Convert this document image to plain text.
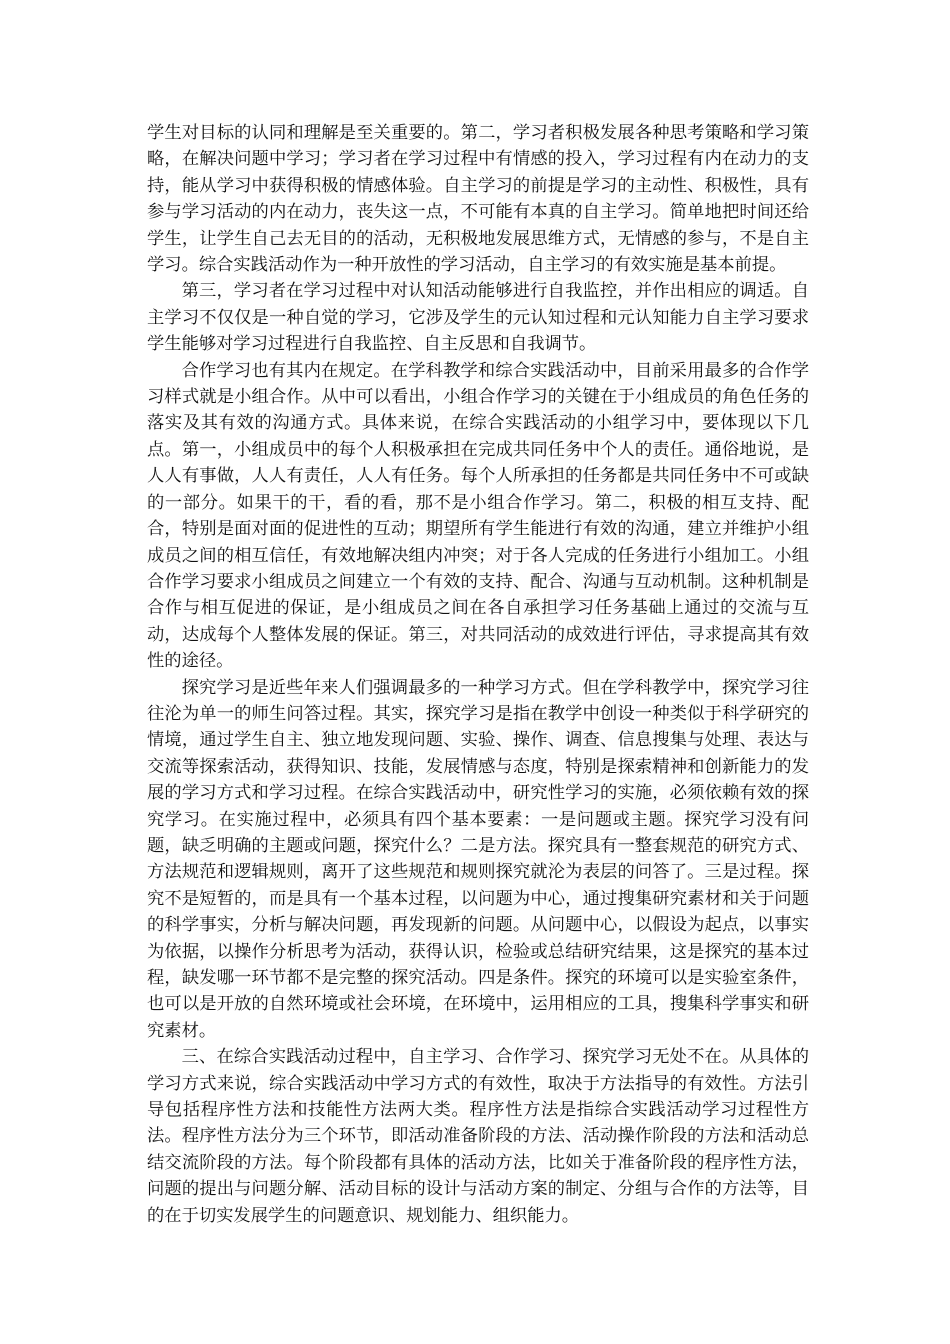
学生对目标的认同和理解是至关重要的。第二，学习者积极发展各种思考策略和学习策略，在解决问题中学习；学习者在学习过程中有情感的投入，学习过程有内在动力的支持，能从学习中获得积极的情感体验。自主学习的前提是学习的主动性、积极性，具有参与学习活动的内在动力，丧失这一点，不可能有本真的自主学习。简单地把时间还给学生，让学生自己去无目的的活动，无积极地发展思维方式，无情感的参与，不是自主学习。综合实践活动作为一种开放性的学习活动，自主学习的有效实施是基本前提。

第三，学习者在学习过程中对认知活动能够进行自我监控，并作出相应的调适。自主学习不仅仅是一种自觉的学习，它涉及学生的元认知过程和元认知能力自主学习要求学生能够对学习过程进行自我监控、自主反思和自我调节。

合作学习也有其内在规定。在学科教学和综合实践活动中，目前采用最多的合作学习样式就是小组合作。从中可以看出，小组合作学习的关键在于小组成员的角色任务的落实及其有效的沟通方式。具体来说，在综合实践活动的小组学习中，要体现以下几点。第一，小组成员中的每个人积极承担在完成共同任务中个人的责任。通俗地说，是人人有事做，人人有责任，人人有任务。每个人所承担的任务都是共同任务中不可或缺的一部分。如果干的干，看的看，那不是小组合作学习。第二，积极的相互支持、配合，特别是面对面的促进性的互动；期望所有学生能进行有效的沟通，建立并维护小组成员之间的相互信任，有效地解决组内冲突；对于各人完成的任务进行小组加工。小组合作学习要求小组成员之间建立一个有效的支持、配合、沟通与互动机制。这种机制是合作与相互促进的保证，是小组成员之间在各自承担学习任务基础上通过的交流与互动，达成每个人整体发展的保证。第三，对共同活动的成效进行评估，寻求提高其有效性的途径。

探究学习是近些年来人们强调最多的一种学习方式。但在学科教学中，探究学习往往沦为单一的师生问答过程。其实，探究学习是指在教学中创设一种类似于科学研究的情境，通过学生自主、独立地发现问题、实验、操作、调查、信息搜集与处理、表达与交流等探索活动，获得知识、技能，发展情感与态度，特别是探索精神和创新能力的发展的学习方式和学习过程。在综合实践活动中，研究性学习的实施，必须依赖有效的探究学习。在实施过程中，必须具有四个基本要素：一是问题或主题。探究学习没有问题，缺乏明确的主题或问题，探究什么？二是方法。探究具有一整套规范的研究方式、方法规范和逻辑规则，离开了这些规范和规则探究就沦为表层的问答了。三是过程。探究不是短暂的，而是具有一个基本过程，以问题为中心，通过搜集研究素材和关于问题的科学事实，分析与解决问题，再发现新的问题。从问题中心，以假设为起点，以事实为依据，以操作分析思考为活动，获得认识，检验或总结研究结果，这是探究的基本过程，缺发哪一环节都不是完整的探究活动。四是条件。探究的环境可以是实验室条件，也可以是开放的自然环境或社会环境，在环境中，运用相应的工具，搜集科学事实和研究素材。

三、在综合实践活动过程中，自主学习、合作学习、探究学习无处不在。从具体的学习方式来说，综合实践活动中学习方式的有效性，取决于方法指导的有效性。方法引导包括程序性方法和技能性方法两大类。程序性方法是指综合实践活动学习过程性方法。程序性方法分为三个环节，即活动准备阶段的方法、活动操作阶段的方法和活动总结交流阶段的方法。每个阶段都有具体的活动方法，比如关于准备阶段的程序性方法，问题的提出与问题分解、活动目标的设计与活动方案的制定、分组与合作的方法等，目的在于切实发展学生的问题意识、规划能力、组织能力。
